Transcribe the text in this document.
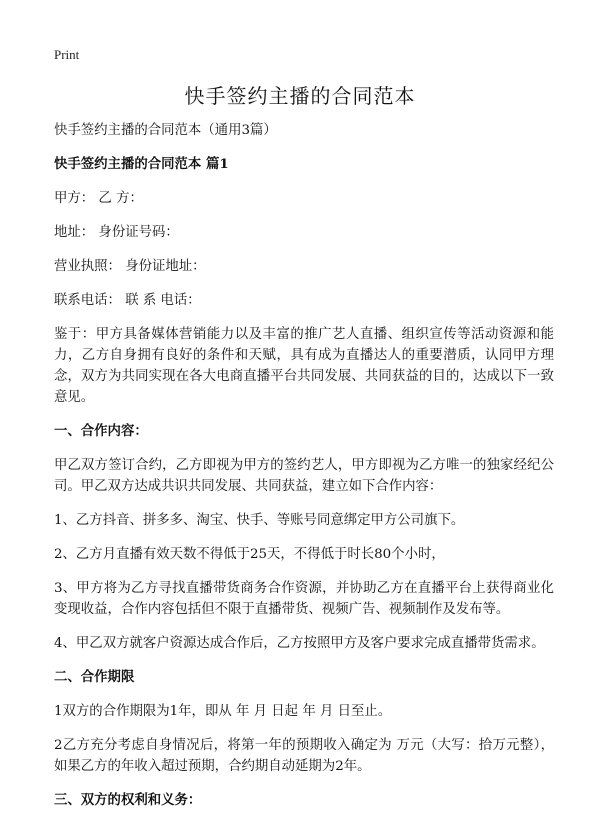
Print
快手签约主播的合同范本

快手签约主播的合同范本（通用3篇）

快手签约主播的合同范本 篇1

甲方： 乙 方：

地址： 身份证号码：

营业执照： 身份证地址：

联系电话： 联 系 电话：

鉴于：甲方具备媒体营销能力以及丰富的推广艺人直播、组织宣传等活动资源和能力，乙方自身拥有良好的条件和天赋，具有成为直播达人的重要潜质，认同甲方理念，双方为共同实现在各大电商直播平台共同发展、共同获益的目的，达成以下一致意见。

一、合作内容：

甲乙双方签订合约，乙方即视为甲方的签约艺人，甲方即视为乙方唯一的独家经纪公司。甲乙双方达成共识共同发展、共同获益，建立如下合作内容：

1、乙方抖音、拼多多、淘宝、快手、等账号同意绑定甲方公司旗下。

2、乙方月直播有效天数不得低于25天，不得低于时长80个小时，

3、甲方将为乙方寻找直播带货商务合作资源，并协助乙方在直播平台上获得商业化变现收益，合作内容包括但不限于直播带货、视频广告、视频制作及发布等。

4、甲乙双方就客户资源达成合作后，乙方按照甲方及客户要求完成直播带货需求。

二、合作期限

1双方的合作期限为1年，即从 年 月 日起 年 月 日至止。

2乙方充分考虑自身情况后，将第一年的预期收入确定为 万元（大写：拾万元整），如果乙方的年收入超过预期，合约期自动延期为2年。

三、双方的权利和义务：
